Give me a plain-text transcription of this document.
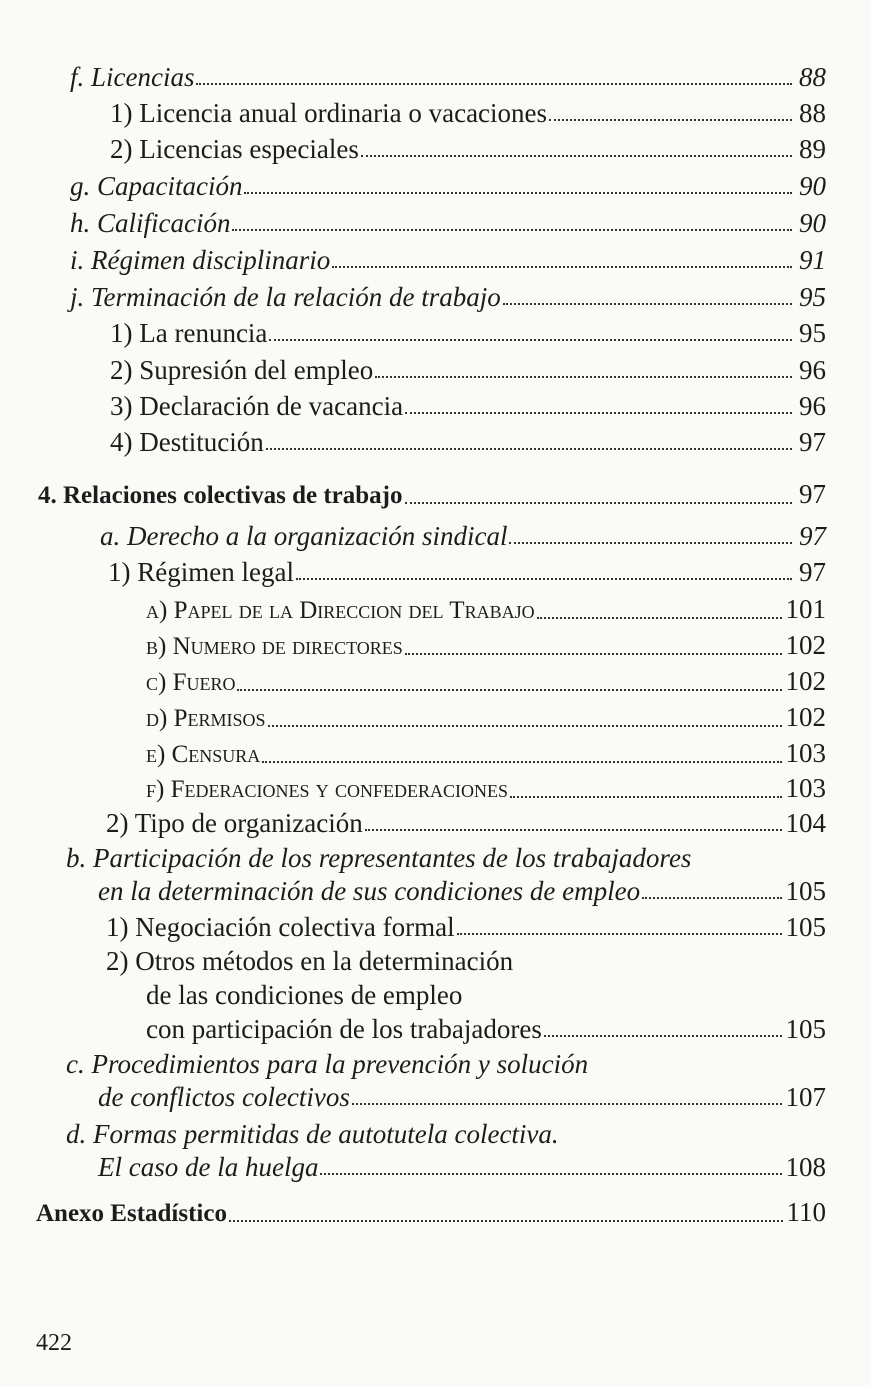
f. Licencias	88
1) Licencia anual ordinaria o vacaciones	88
2) Licencias especiales	89
g. Capacitación	90
h. Calificación	90
i. Régimen disciplinario	91
j. Terminación de la relación de trabajo	95
1) La renuncia	95
2) Supresión del empleo	96
3) Declaración de vacancia	96
4) Destitución	97
4. Relaciones colectivas de trabajo	97
a. Derecho a la organización sindical	97
1) Régimen legal	97
a) Papel de la Direccion del Trabajo	101
b) Numero de directores	102
c) Fuero	102
d) Permisos	102
e) Censura	103
f) Federaciones y confederaciones	103
2) Tipo de organización	104
b. Participación de los representantes de los trabajadores
en la determinación de sus condiciones de empleo	105
1) Negociación colectiva formal	105
2) Otros métodos en la determinación
de las condiciones de empleo
con participación de los trabajadores	105
c. Procedimientos para la prevención y solución
de conflictos colectivos	107
d. Formas permitidas de autotutela colectiva.
El caso de la huelga	108
Anexo Estadístico	110
422
